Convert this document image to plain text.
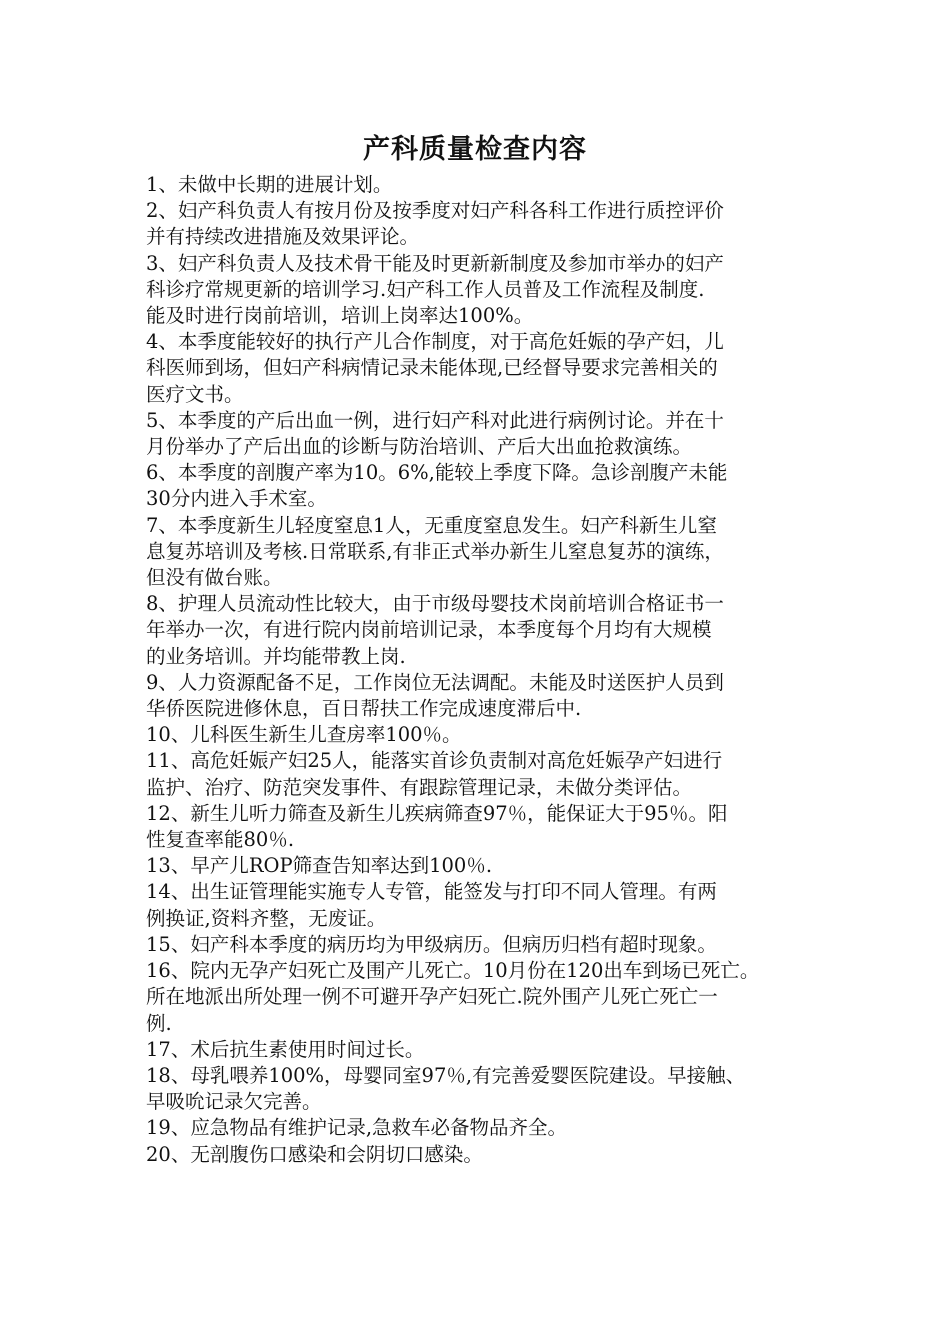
产科质量检查内容

1、未做中长期的进展计划。

2、妇产科负责人有按月份及按季度对妇产科各科工作进行质控评价
并有持续改进措施及效果评论。

3、妇产科负责人及技术骨干能及时更新新制度及参加市举办的妇产
科诊疗常规更新的培训学习.妇产科工作人员普及工作流程及制度.
能及时进行岗前培训，培训上岗率达100%。

4、本季度能较好的执行产儿合作制度，对于高危妊娠的孕产妇，儿
科医师到场，但妇产科病情记录未能体现,已经督导要求完善相关的
医疗文书。

5、本季度的产后出血一例，进行妇产科对此进行病例讨论。并在十
月份举办了产后出血的诊断与防治培训、产后大出血抢救演练。

6、本季度的剖腹产率为10。6%,能较上季度下降。急诊剖腹产未能
30分内进入手术室。

7、本季度新生儿轻度窒息1人，无重度窒息发生。妇产科新生儿窒
息复苏培训及考核.日常联系,有非正式举办新生儿窒息复苏的演练，
但没有做台账。

8、护理人员流动性比较大，由于市级母婴技术岗前培训合格证书一
年举办一次，有进行院内岗前培训记录，本季度每个月均有大规模
的业务培训。并均能带教上岗.

9、人力资源配备不足，工作岗位无法调配。未能及时送医护人员到
华侨医院进修休息，百日帮扶工作完成速度滞后中.

10、儿科医生新生儿查房率100％。

11、高危妊娠产妇25人，能落实首诊负责制对高危妊娠孕产妇进行
监护、治疗、防范突发事件、有跟踪管理记录，未做分类评估。

12、新生儿听力筛查及新生儿疾病筛查97％，能保证大于95％。阳
性复查率能80％.

13、早产儿ROP筛查告知率达到100％.

14、出生证管理能实施专人专管，能签发与打印不同人管理。有两
例换证,资料齐整，无废证。

15、妇产科本季度的病历均为甲级病历。但病历归档有超时现象。

16、院内无孕产妇死亡及围产儿死亡。10月份在120出车到场已死亡。
所在地派出所处理一例不可避开孕产妇死亡.院外围产儿死亡死亡一
例.

17、术后抗生素使用时间过长。

18、母乳喂养100%，母婴同室97％,有完善爱婴医院建设。早接触、
早吸吮记录欠完善。

19、应急物品有维护记录,急救车必备物品齐全。

20、无剖腹伤口感染和会阴切口感染。
